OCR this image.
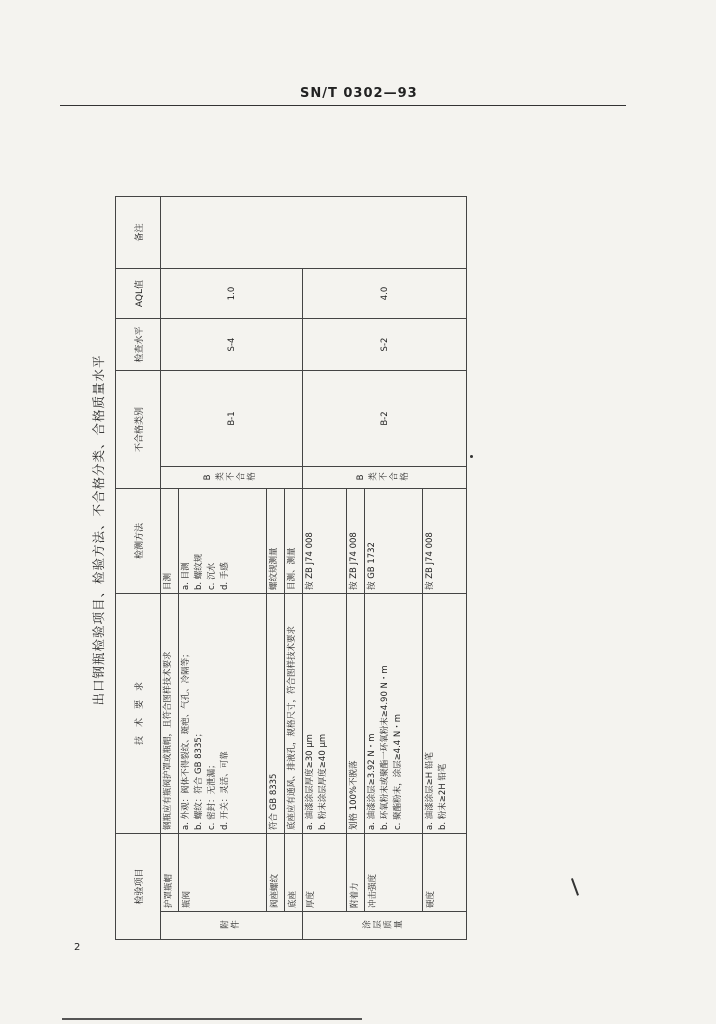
SN/T 0302—93
出口钢瓶检验项目、检验方法、不合格分类、合格质量水平
检验项目		技　术　要　求	检测方法	不合格类别		检查水平	AQL值	备注
附件	护罩瓶帽	钢瓶应有瓶阀护罩或瓶帽，且符合图样技术要求	目测	B类不合格	B-1	S-4	1.0	
	瓶阀	a. 外观：阀体不得裂纹、斑疤、气孔、冷隔等； b. 螺纹：符合 GB 8335； c. 密封：无泄漏； d. 开关：灵活、可靠	a. 目测 b. 螺纹规 c. 沉水 d. 手感					

	阀座螺纹	符合 GB 8335	螺纹规测量					

	底座	底座应有通风、排液孔，规格尺寸，符合图样技术要求	目测、测量					

涂层质量	厚度	a. 油漆涂层厚度≥30 μm b. 粉末涂层厚度≥40 μm	按 ZB J74 008	B类不合格	B-2	S-2	4.0	
	附着力	划格 100%不脱落	按 ZB J74 008					

	冲击强度	a. 油漆涂层≥3.92 N・m b. 环氧粉末或聚酯一环氧粉末≥4.90 N・m c. 聚酯粉末，涂层≥4.4 N・m	按 GB 1732					

	硬度	a. 油漆涂层≥H 铅笔 b. 粉末≥2H 铅笔	按 ZB J74 008					
2
